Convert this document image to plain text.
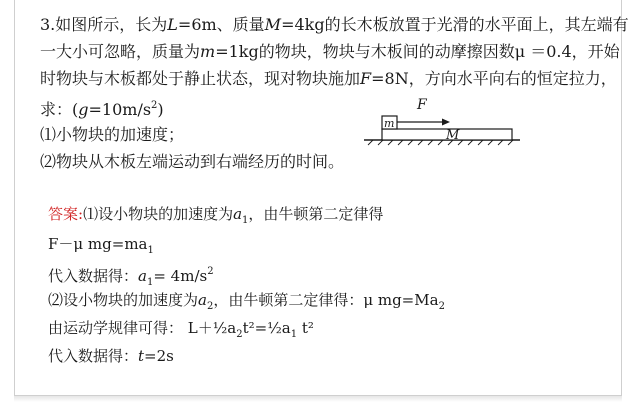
3.如图所示，长为L=6m、质量M=4kg的长木板放置于光滑的水平面上，其左端有
一大小可忽略，质量为m=1kg的物块，物块与木板间的动摩擦因数μ ＝0.4，开始
时物块与木板都处于静止状态，现对物块施加F=8N，方向水平向右的恒定拉力，
求：$(g=10m/s^2)$
⑴小物块的加速度；
⑵物块从木板左端运动到右端经历的时间。
M
m
F
答案:⑴设小物块的加速度为$a_1$，由牛顿第二定律得
F－μ $mg=ma_1$
代入数据得：$a_1= 4m/s^2$
⑵设小物块的加速度为$a_2$，由牛顿第二定律得：μ $mg=Ma_2$
由运动学规律可得： $L+\frac{1}{2}a_2t^2=\frac{1}{2}a_1$ t²
代入数据得：t=2s
